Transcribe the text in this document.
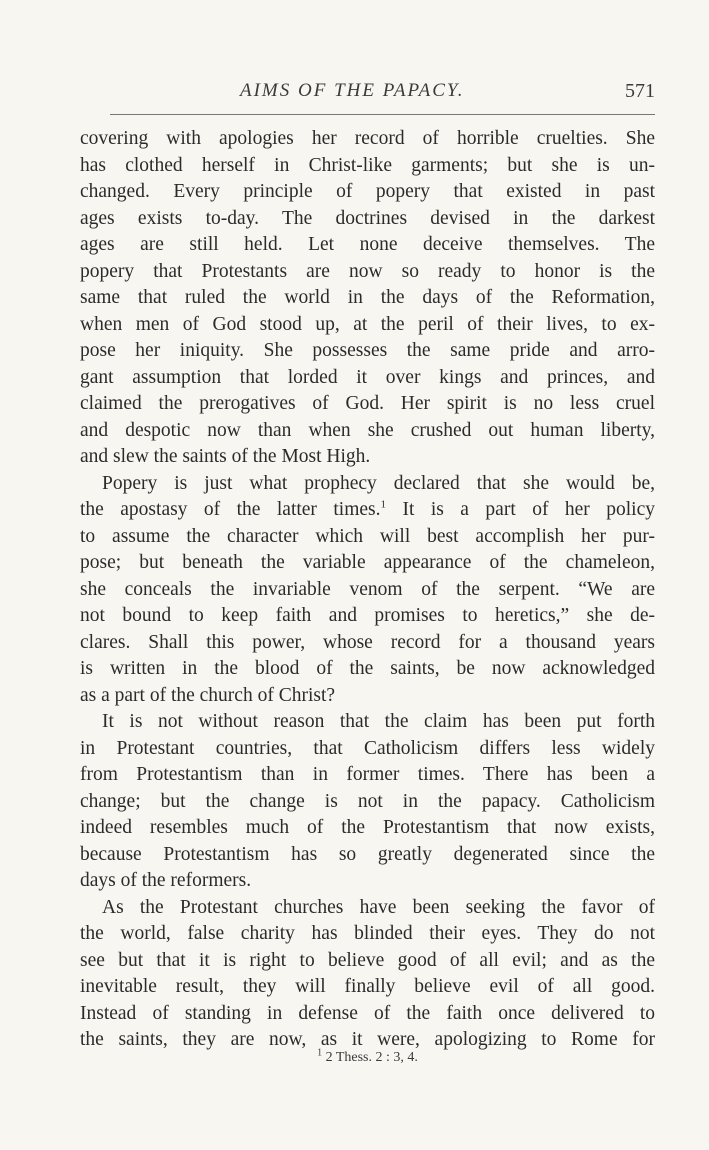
AIMS OF THE PAPACY.	571

covering with apologies her record of horrible cruelties. She
has clothed herself in Christ-like garments; but she is un-
changed. Every principle of popery that existed in past
ages exists to-day. The doctrines devised in the darkest
ages are still held. Let none deceive themselves. The
popery that Protestants are now so ready to honor is the
same that ruled the world in the days of the Reformation,
when men of God stood up, at the peril of their lives, to ex-
pose her iniquity. She possesses the same pride and arro-
gant assumption that lorded it over kings and princes, and
claimed the prerogatives of God. Her spirit is no less cruel
and despotic now than when she crushed out human liberty,
and slew the saints of the Most High.

Popery is just what prophecy declared that she would be,
the apostasy of the latter times.$^1$ It is a part of her policy
to assume the character which will best accomplish her pur-
pose; but beneath the variable appearance of the chameleon,
she conceals the invariable venom of the serpent. “We are
not bound to keep faith and promises to heretics,” she de-
clares. Shall this power, whose record for a thousand years
is written in the blood of the saints, be now acknowledged
as a part of the church of Christ?

It is not without reason that the claim has been put forth
in Protestant countries, that Catholicism differs less widely
from Protestantism than in former times. There has been a
change; but the change is not in the papacy. Catholicism
indeed resembles much of the Protestantism that now exists,
because Protestantism has so greatly degenerated since the
days of the reformers.

As the Protestant churches have been seeking the favor of
the world, false charity has blinded their eyes. They do not
see but that it is right to believe good of all evil; and as the
inevitable result, they will finally believe evil of all good.
Instead of standing in defense of the faith once delivered to
the saints, they are now, as it were, apologizing to Rome for

$^1$ 2 Thess. 2 : 3, 4.
